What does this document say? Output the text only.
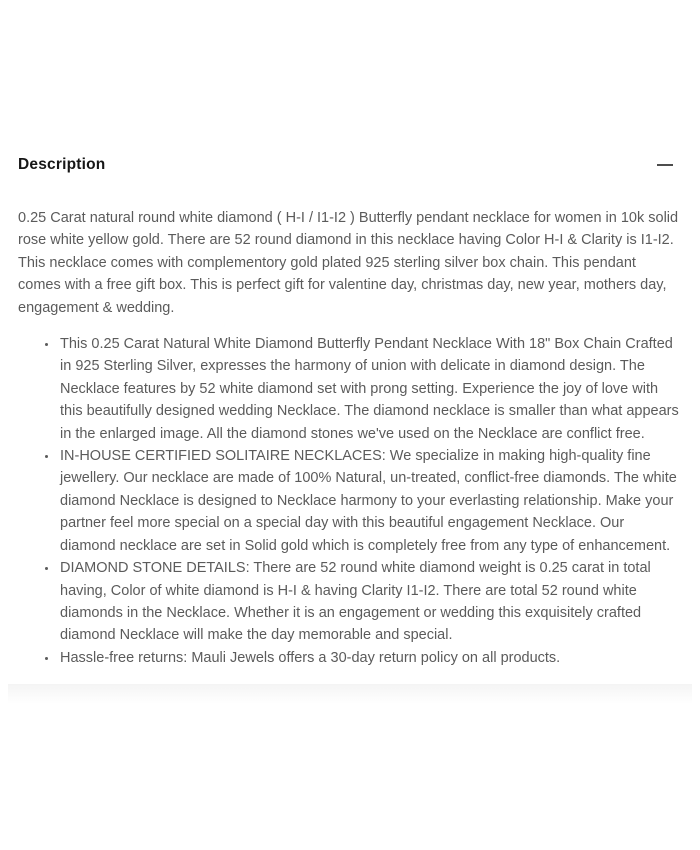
Description

0.25 Carat natural round white diamond ( H-I / I1-I2 ) Butterfly pendant necklace for women in 10k solid rose white yellow gold. There are 52 round diamond in this necklace having Color H-I & Clarity is I1-I2. This necklace comes with complementory gold plated 925 sterling silver box chain. This pendant comes with a free gift box. This is perfect gift for valentine day, christmas day, new year, mothers day, engagement & wedding.

• This 0.25 Carat Natural White Diamond Butterfly Pendant Necklace With 18" Box Chain Crafted in 925 Sterling Silver, expresses the harmony of union with delicate in diamond design. The Necklace features by 52 white diamond set with prong setting. Experience the joy of love with this beautifully designed wedding Necklace. The diamond necklace is smaller than what appears in the enlarged image. All the diamond stones we've used on the Necklace are conflict free.
• IN-HOUSE CERTIFIED SOLITAIRE NECKLACES: We specialize in making high-quality fine jewellery. Our necklace are made of 100% Natural, un-treated, conflict-free diamonds. The white diamond Necklace is designed to Necklace harmony to your everlasting relationship. Make your partner feel more special on a special day with this beautiful engagement Necklace. Our diamond necklace are set in Solid gold which is completely free from any type of enhancement.
• DIAMOND STONE DETAILS: There are 52 round white diamond weight is 0.25 carat in total having, Color of white diamond is H-I & having Clarity I1-I2. There are total 52 round white diamonds in the Necklace. Whether it is an engagement or wedding this exquisitely crafted diamond Necklace will make the day memorable and special.
• Hassle-free returns: Mauli Jewels offers a 30-day return policy on all products.
